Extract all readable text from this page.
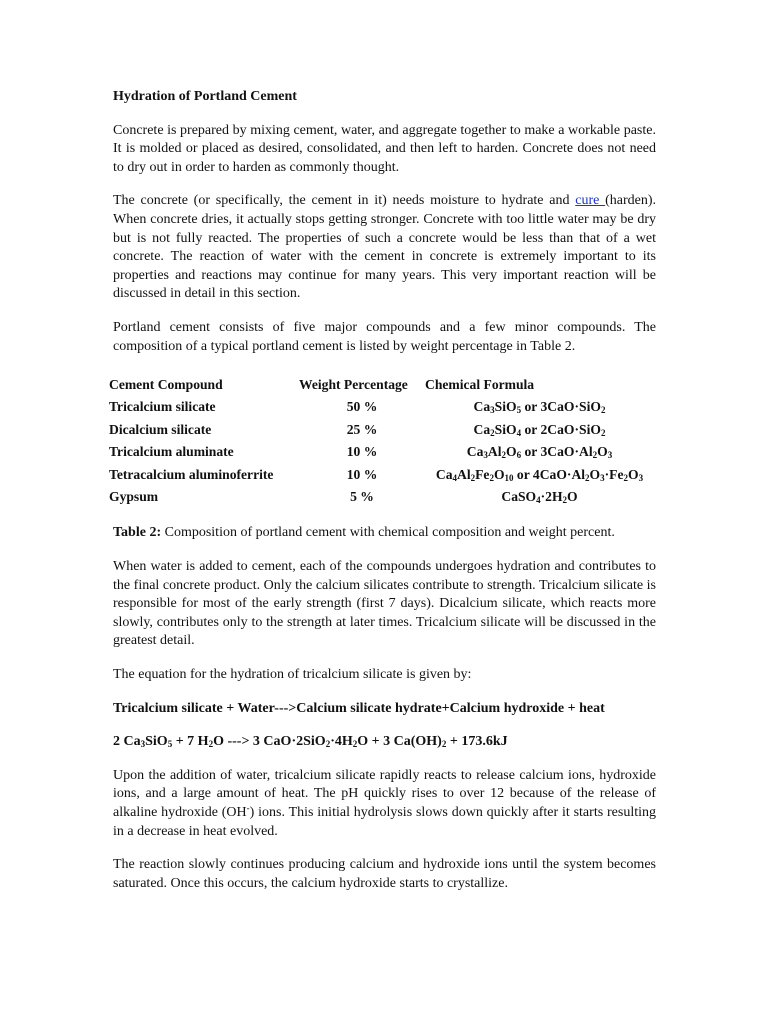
Hydration of Portland Cement

Concrete is prepared by mixing cement, water, and aggregate together to make a workable paste. It is molded or placed as desired, consolidated, and then left to harden. Concrete does not need to dry out in order to harden as commonly thought.

The concrete (or specifically, the cement in it) needs moisture to hydrate and cure (harden). When concrete dries, it actually stops getting stronger. Concrete with too little water may be dry but is not fully reacted. The properties of such a concrete would be less than that of a wet concrete. The reaction of water with the cement in concrete is extremely important to its properties and reactions may continue for many years. This very important reaction will be discussed in detail in this section.

Portland cement consists of five major compounds and a few minor compounds. The composition of a typical portland cement is listed by weight percentage in Table 2.

Cement Compound	Weight Percentage	Chemical Formula
Tricalcium silicate	50 %	$Ca_3SiO_5$ or 3CaO·SiO$_2$
Dicalcium silicate	25 %	$Ca_2SiO_4$ or 2CaO·SiO$_2$
Tricalcium aluminate	10 %	$Ca_3Al_2O_6$ or $3CaO\cdot Al_2O_3$
Tetracalcium aluminoferrite	10 %	$Ca_4Al_2Fe_2O_{10}$ or $4CaO\cdot Al_2O_3\cdot Fe_2O_3$
Gypsum	5 %	$CaSO_4\cdot 2H_2O$

Table 2: Composition of portland cement with chemical composition and weight percent.

When water is added to cement, each of the compounds undergoes hydration and contributes to the final concrete product. Only the calcium silicates contribute to strength. Tricalcium silicate is responsible for most of the early strength (first 7 days). Dicalcium silicate, which reacts more slowly, contributes only to the strength at later times. Tricalcium silicate will be discussed in the greatest detail.

The equation for the hydration of tricalcium silicate is given by:

Tricalcium silicate + Water--->Calcium silicate hydrate+Calcium hydroxide + heat

2 $Ca_3SiO_5 + 7$ $H_2O$ ---> 3 $CaO\cdot 2SiO_2\cdot 4H_2O + 3$ $Ca(OH)_2 + 173.6kJ$

Upon the addition of water, tricalcium silicate rapidly reacts to release calcium ions, hydroxide ions, and a large amount of heat. The pH quickly rises to over 12 because of the release of alkaline hydroxide (OH-) ions. This initial hydrolysis slows down quickly after it starts resulting in a decrease in heat evolved.

The reaction slowly continues producing calcium and hydroxide ions until the system becomes saturated. Once this occurs, the calcium hydroxide starts to crystallize.
